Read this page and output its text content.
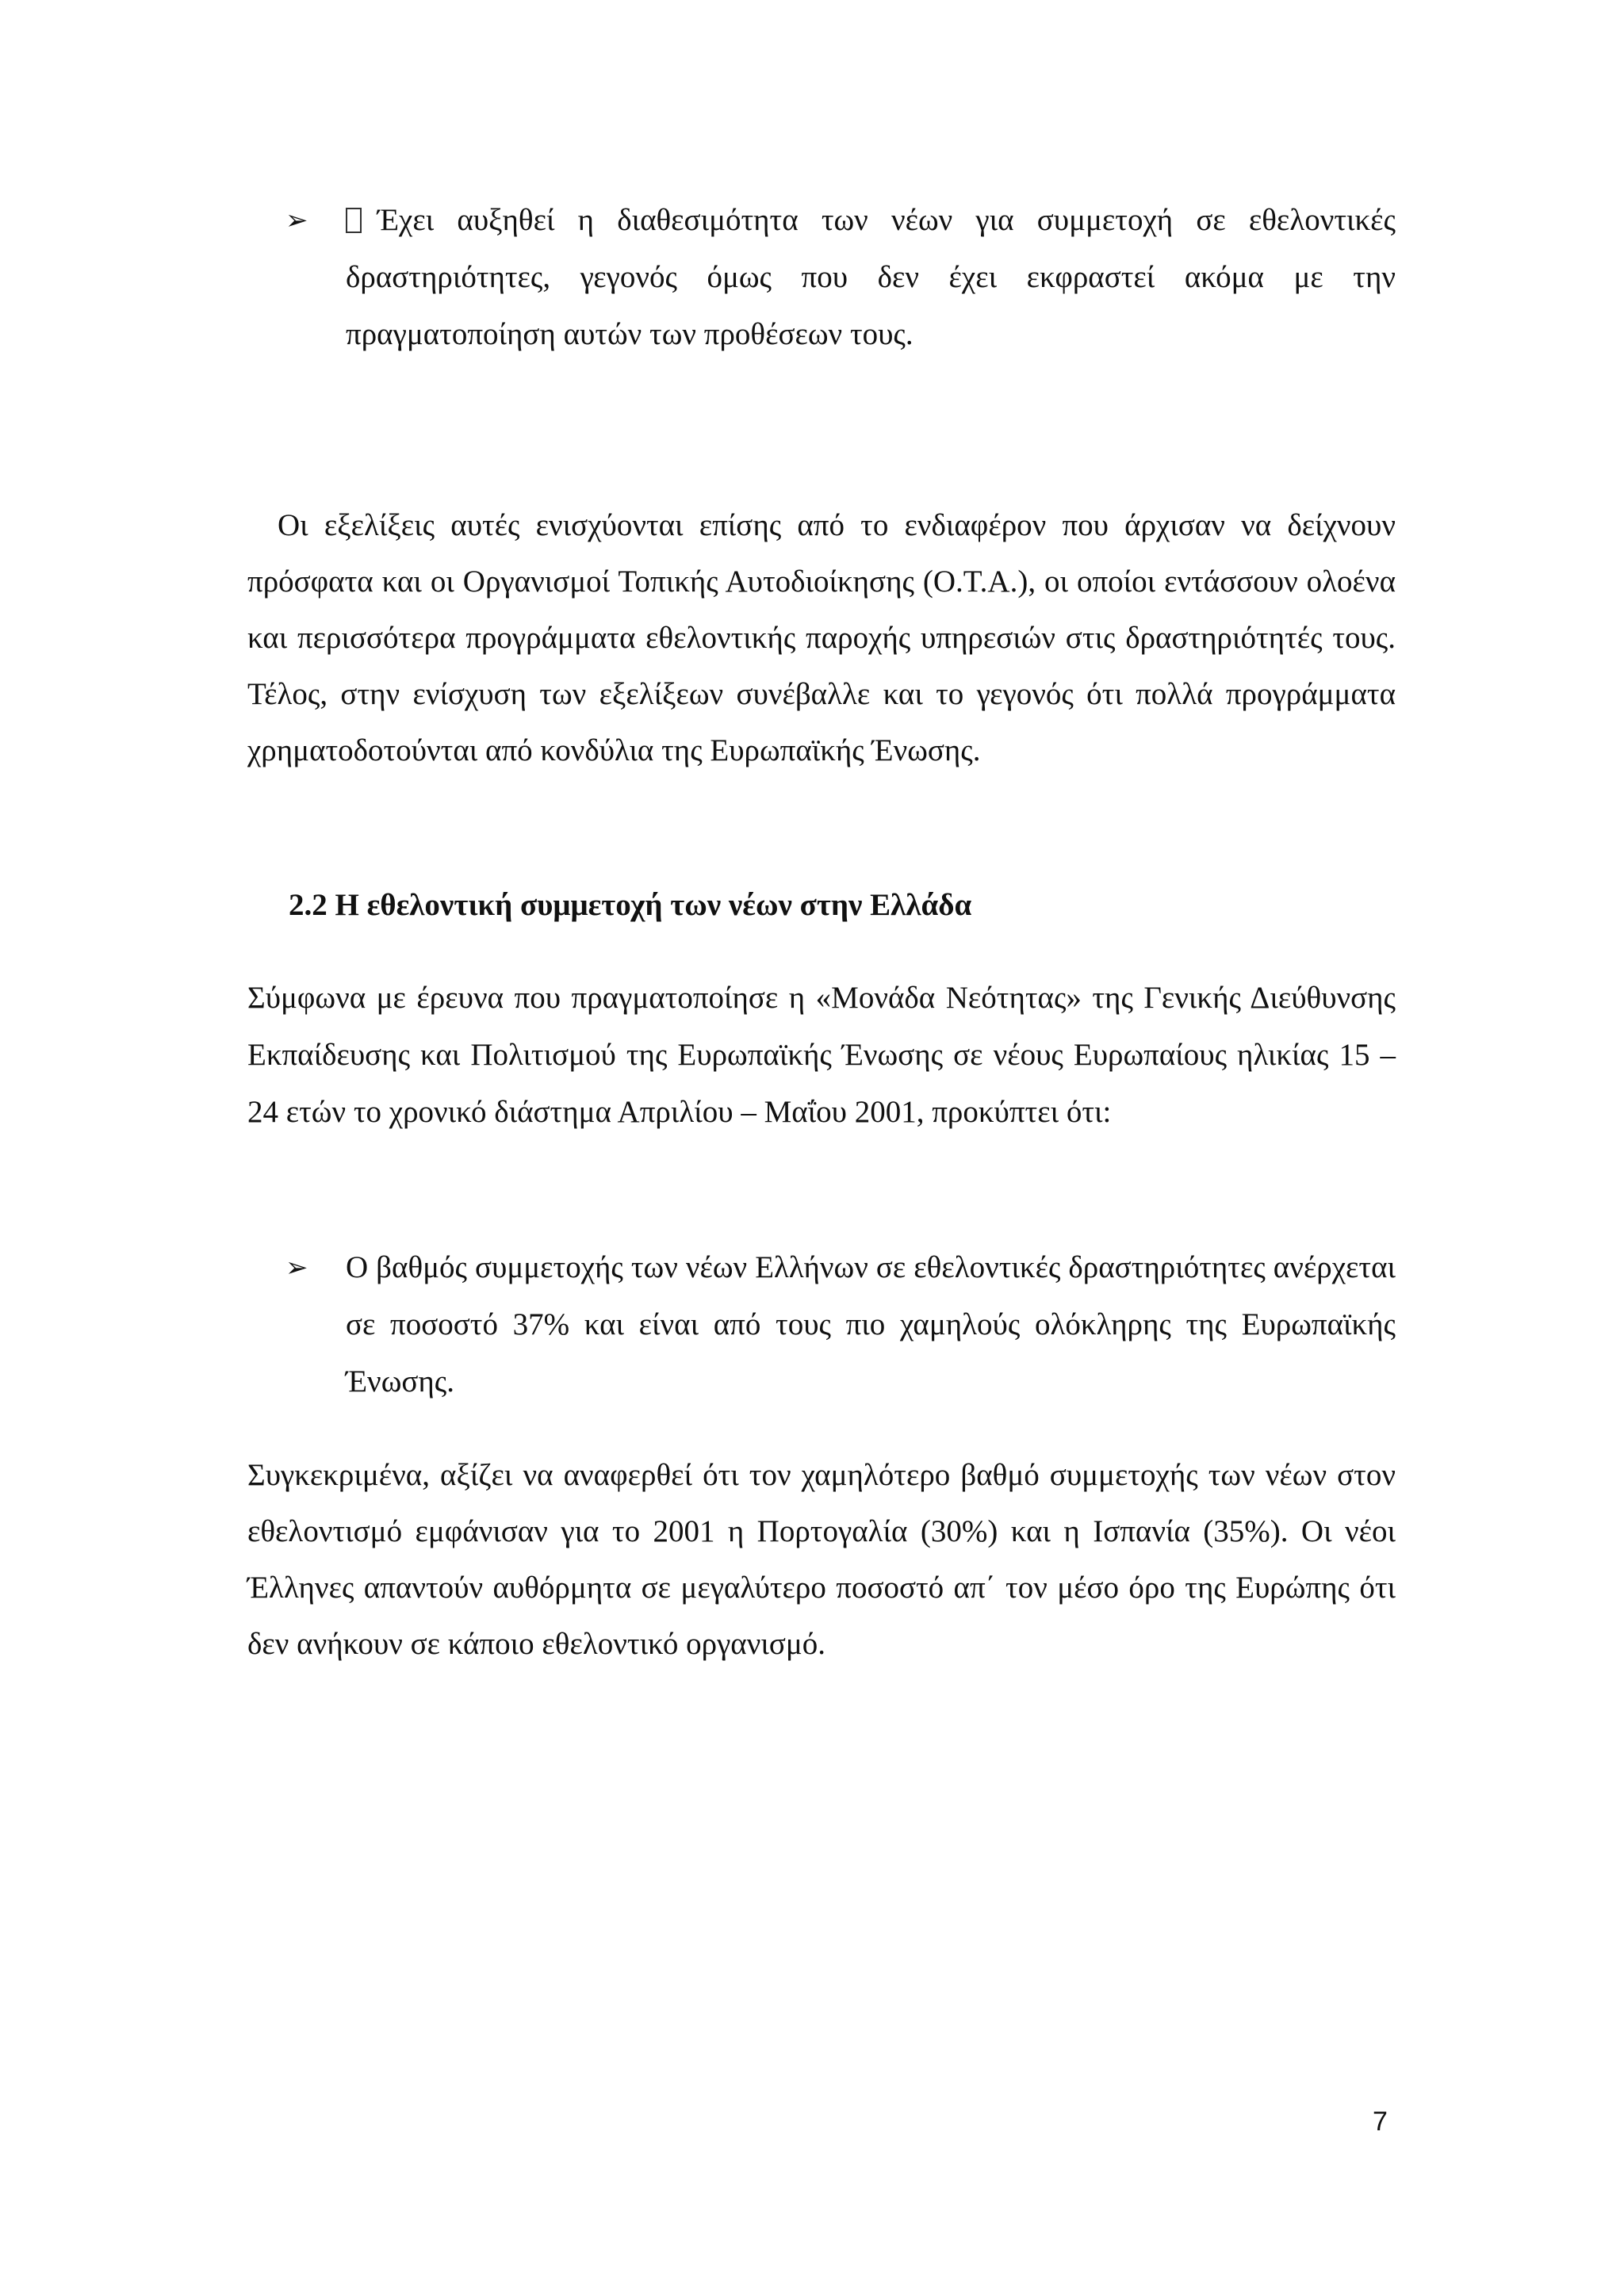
➢	Έχει αυξηθεί η διαθεσιμότητα των νέων για συμμετοχή σε εθελοντικές δραστηριότητες, γεγονός όμως που δεν έχει εκφραστεί ακόμα με την πραγματοποίηση αυτών των προθέσεων τους.
Οι εξελίξεις αυτές ενισχύονται επίσης από το ενδιαφέρον που άρχισαν να δείχνουν πρόσφατα και οι Οργανισμοί Τοπικής Αυτοδιοίκησης (Ο.Τ.Α.), οι οποίοι εντάσσουν ολοένα και περισσότερα προγράμματα εθελοντικής παροχής υπηρεσιών στις δραστηριότητές τους. Τέλος, στην ενίσχυση των εξελίξεων συνέβαλλε και το γεγονός ότι πολλά προγράμματα χρηματοδοτούνται από κονδύλια της Ευρωπαϊκής Ένωσης.
2.2 Η εθελοντική συμμετοχή των νέων στην Ελλάδα
Σύμφωνα με έρευνα που πραγματοποίησε η «Μονάδα Νεότητας» της Γενικής Διεύθυνσης Εκπαίδευσης και Πολιτισμού της Ευρωπαϊκής Ένωσης σε νέους Ευρωπαίους ηλικίας 15 – 24 ετών το χρονικό διάστημα Απριλίου – Μαΐου 2001, προκύπτει ότι:
➢ Ο βαθμός συμμετοχής των νέων Ελλήνων σε εθελοντικές δραστηριότητες ανέρχεται σε ποσοστό 37% και είναι από τους πιο χαμηλούς ολόκληρης της Ευρωπαϊκής Ένωσης.
Συγκεκριμένα, αξίζει να αναφερθεί ότι τον χαμηλότερο βαθμό συμμετοχής των νέων στον εθελοντισμό εμφάνισαν για το 2001 η Πορτογαλία (30%) και η Ισπανία (35%). Οι νέοι Έλληνες απαντούν αυθόρμητα σε μεγαλύτερο ποσοστό απ΄ τον μέσο όρο της Ευρώπης ότι δεν ανήκουν σε κάποιο εθελοντικό οργανισμό.
7
